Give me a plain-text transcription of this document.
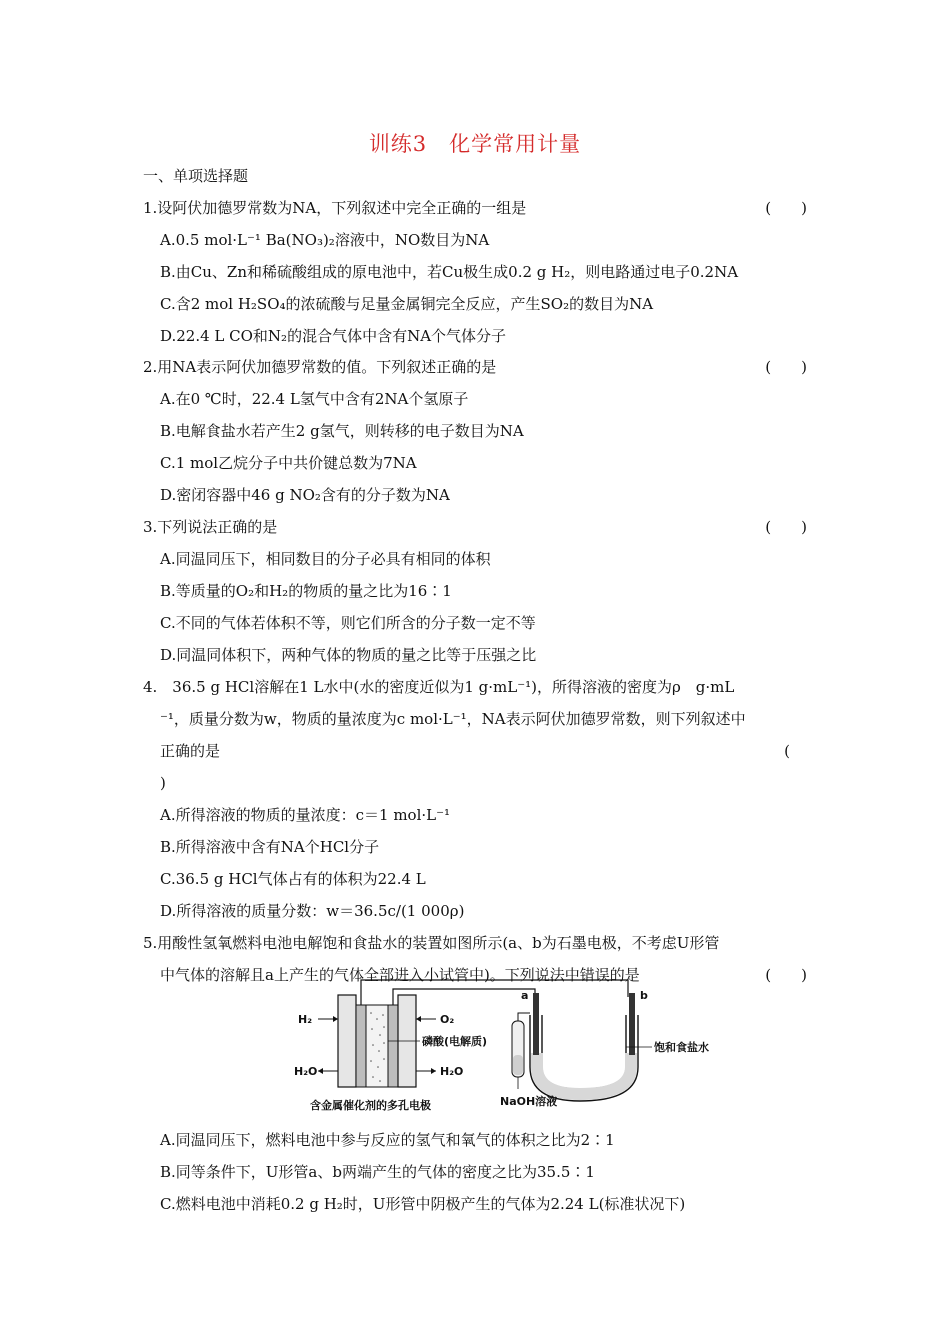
训练3　化学常用计量
一、单项选择题
1.设阿伏加德罗常数为NA，下列叙述中完全正确的一组是	(　　)
A.0.5 mol·L⁻¹ Ba(NO₃)₂溶液中，NO数目为NA
B.由Cu、Zn和稀硫酸组成的原电池中，若Cu极生成0.2 g H₂，则电路通过电子0.2NA
C.含2 mol H₂SO₄的浓硫酸与足量金属铜完全反应，产生SO₂的数目为NA
D.22.4 L CO和N₂的混合气体中含有NA个气体分子
2.用NA表示阿伏加德罗常数的值。下列叙述正确的是	(　　)
A.在0 ℃时，22.4 L氢气中含有2NA个氢原子
B.电解食盐水若产生2 g氢气，则转移的电子数目为NA
C.1 mol乙烷分子中共价键总数为7NA
D.密闭容器中46 g NO₂含有的分子数为NA
3.下列说法正确的是	(　　)
A.同温同压下，相同数目的分子必具有相同的体积
B.等质量的O₂和H₂的物质的量之比为16∶1
C.不同的气体若体积不等，则它们所含的分子数一定不等
D.同温同体积下，两种气体的物质的量之比等于压强之比
4.　36.5 g HCl溶解在1 L水中(水的密度近似为1 g·mL⁻¹)，所得溶液的密度为ρ　g·mL
⁻¹，质量分数为w，物质的量浓度为c mol·L⁻¹，NA表示阿伏加德罗常数，则下列叙述中
正确的是	(
)
A.所得溶液的物质的量浓度：c＝1 mol·L⁻¹
B.所得溶液中含有NA个HCl分子
C.36.5 g HCl气体占有的体积为22.4 L
D.所得溶液的质量分数：w＝36.5c/(1 000ρ)
5.用酸性氢氧燃料电池电解饱和食盐水的装置如图所示(a、b为石墨电极，不考虑U形管
中气体的溶解且a上产生的气体全部进入小试管中)。下列说法中错误的是	(　　)
H₂	O₂
H₂O	H₂O
磷酸(电解质)
含金属催化剂的多孔电极
a	b
NaOH溶液
饱和食盐水
A.同温同压下，燃料电池中参与反应的氢气和氧气的体积之比为2∶1
B.同等条件下，U形管a、b两端产生的气体的密度之比为35.5∶1
C.燃料电池中消耗0.2 g H₂时，U形管中阴极产生的气体为2.24 L(标准状况下)
